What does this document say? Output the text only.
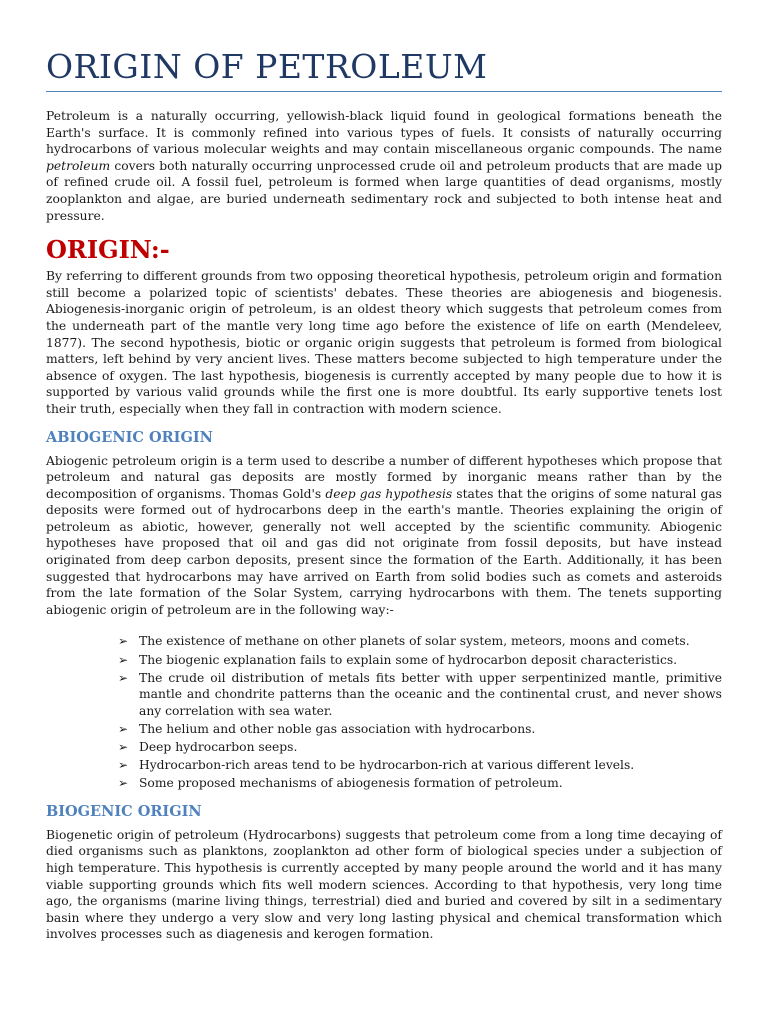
ORIGIN OF PETROLEUM

Petroleum is a naturally occurring, yellowish-black liquid found in geological formations beneath the Earth's surface. It is commonly refined into various types of fuels. It consists of naturally occurring hydrocarbons of various molecular weights and may contain miscellaneous organic compounds. The name petroleum covers both naturally occurring unprocessed crude oil and petroleum products that are made up of refined crude oil. A fossil fuel, petroleum is formed when large quantities of dead organisms, mostly zooplankton and algae, are buried underneath sedimentary rock and subjected to both intense heat and pressure.

ORIGIN:-

By referring to different grounds from two opposing theoretical hypothesis, petroleum origin and formation still become a polarized topic of scientists' debates. These theories are abiogenesis and biogenesis. Abiogenesis-inorganic origin of petroleum, is an oldest theory which suggests that petroleum comes from the underneath part of the mantle very long time ago before the existence of life on earth (Mendeleev, 1877). The second hypothesis, biotic or organic origin suggests that petroleum is formed from biological matters, left behind by very ancient lives. These matters become subjected to high temperature under the absence of oxygen. The last hypothesis, biogenesis is currently accepted by many people due to how it is supported by various valid grounds while the first one is more doubtful. Its early supportive tenets lost their truth, especially when they fall in contraction with modern science.

ABIOGENIC ORIGIN

Abiogenic petroleum origin is a term used to describe a number of different hypotheses which propose that petroleum and natural gas deposits are mostly formed by inorganic means rather than by the decomposition of organisms. Thomas Gold's deep gas hypothesis states that the origins of some natural gas deposits were formed out of hydrocarbons deep in the earth's mantle. Theories explaining the origin of petroleum as abiotic, however, generally not well accepted by the scientific community. Abiogenic hypotheses have proposed that oil and gas did not originate from fossil deposits, but have instead originated from deep carbon deposits, present since the formation of the Earth. Additionally, it has been suggested that hydrocarbons may have arrived on Earth from solid bodies such as comets and asteroids from the late formation of the Solar System, carrying hydrocarbons with them. The tenets supporting abiogenic origin of petroleum are in the following way:-

➢ The existence of methane on other planets of solar system, meteors, moons and comets.
➢ The biogenic explanation fails to explain some of hydrocarbon deposit characteristics.
➢ The crude oil distribution of metals fits better with upper serpentinized mantle, primitive mantle and chondrite patterns than the oceanic and the continental crust, and never shows any correlation with sea water.
➢ The helium and other noble gas association with hydrocarbons.
➢ Deep hydrocarbon seeps.
➢ Hydrocarbon-rich areas tend to be hydrocarbon-rich at various different levels.
➢ Some proposed mechanisms of abiogenesis formation of petroleum.
BIOGENIC ORIGIN

Biogenetic origin of petroleum (Hydrocarbons) suggests that petroleum come from a long time decaying of died organisms such as planktons, zooplankton ad other form of biological species under a subjection of high temperature. This hypothesis is currently accepted by many people around the world and it has many viable supporting grounds which fits well modern sciences. According to that hypothesis, very long time ago, the organisms (marine living things, terrestrial) died and buried and covered by silt in a sedimentary basin where they undergo a very slow and very long lasting physical and chemical transformation which involves processes such as diagenesis and kerogen formation.
